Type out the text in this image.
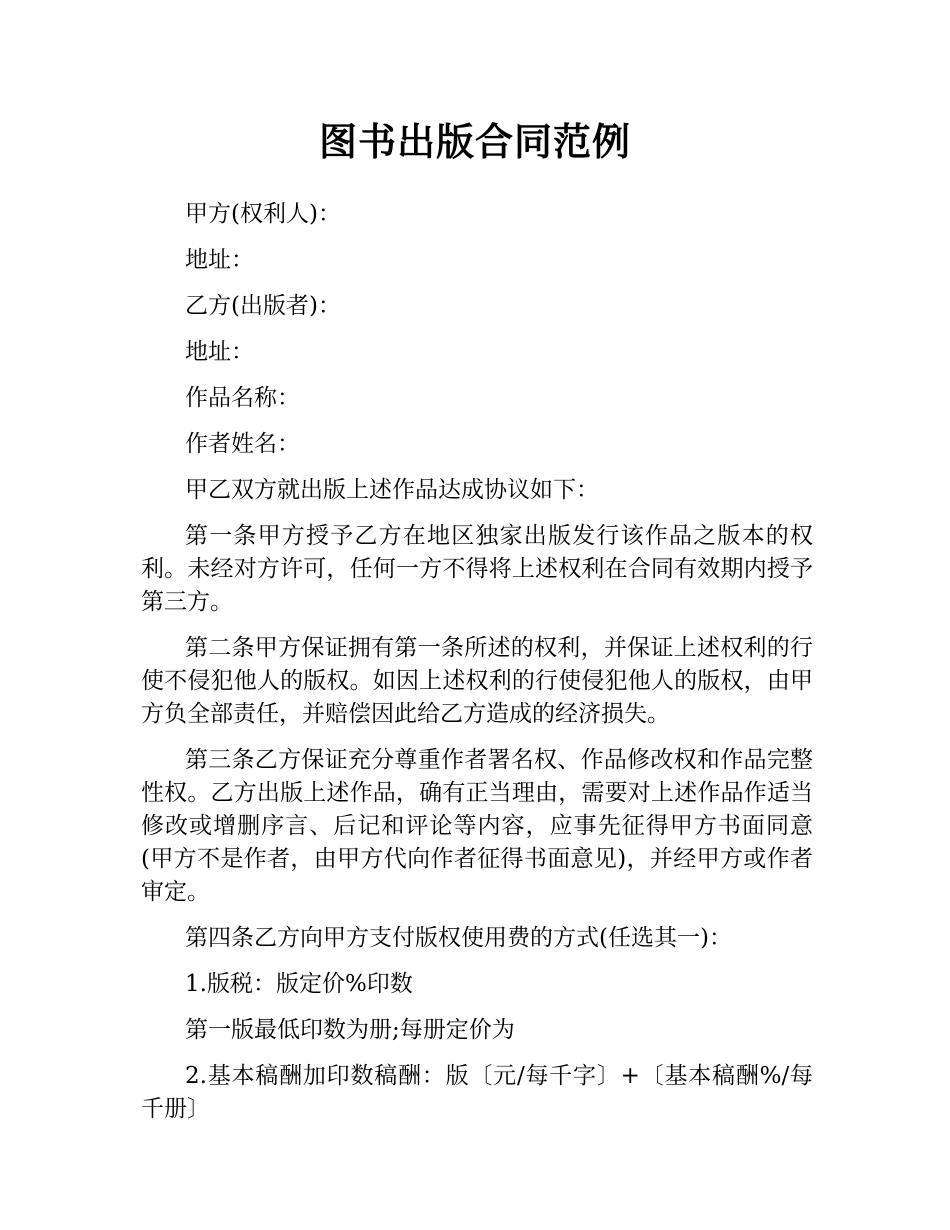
图书出版合同范例

甲方(权利人)：

地址：

乙方(出版者)：

地址：

作品名称：

作者姓名：

甲乙双方就出版上述作品达成协议如下：

第一条甲方授予乙方在地区独家出版发行该作品之版本的权利。未经对方许可，任何一方不得将上述权利在合同有效期内授予第三方。

第二条甲方保证拥有第一条所述的权利，并保证上述权利的行使不侵犯他人的版权。如因上述权利的行使侵犯他人的版权，由甲方负全部责任，并赔偿因此给乙方造成的经济损失。

第三条乙方保证充分尊重作者署名权、作品修改权和作品完整性权。乙方出版上述作品，确有正当理由，需要对上述作品作适当修改或增删序言、后记和评论等内容，应事先征得甲方书面同意(甲方不是作者，由甲方代向作者征得书面意见)，并经甲方或作者审定。

第四条乙方向甲方支付版权使用费的方式(任选其一)：

1.版税：版定价%印数

第一版最低印数为册;每册定价为

2.基本稿酬加印数稿酬：版〔元/每千字〕+〔基本稿酬%/每千册〕
